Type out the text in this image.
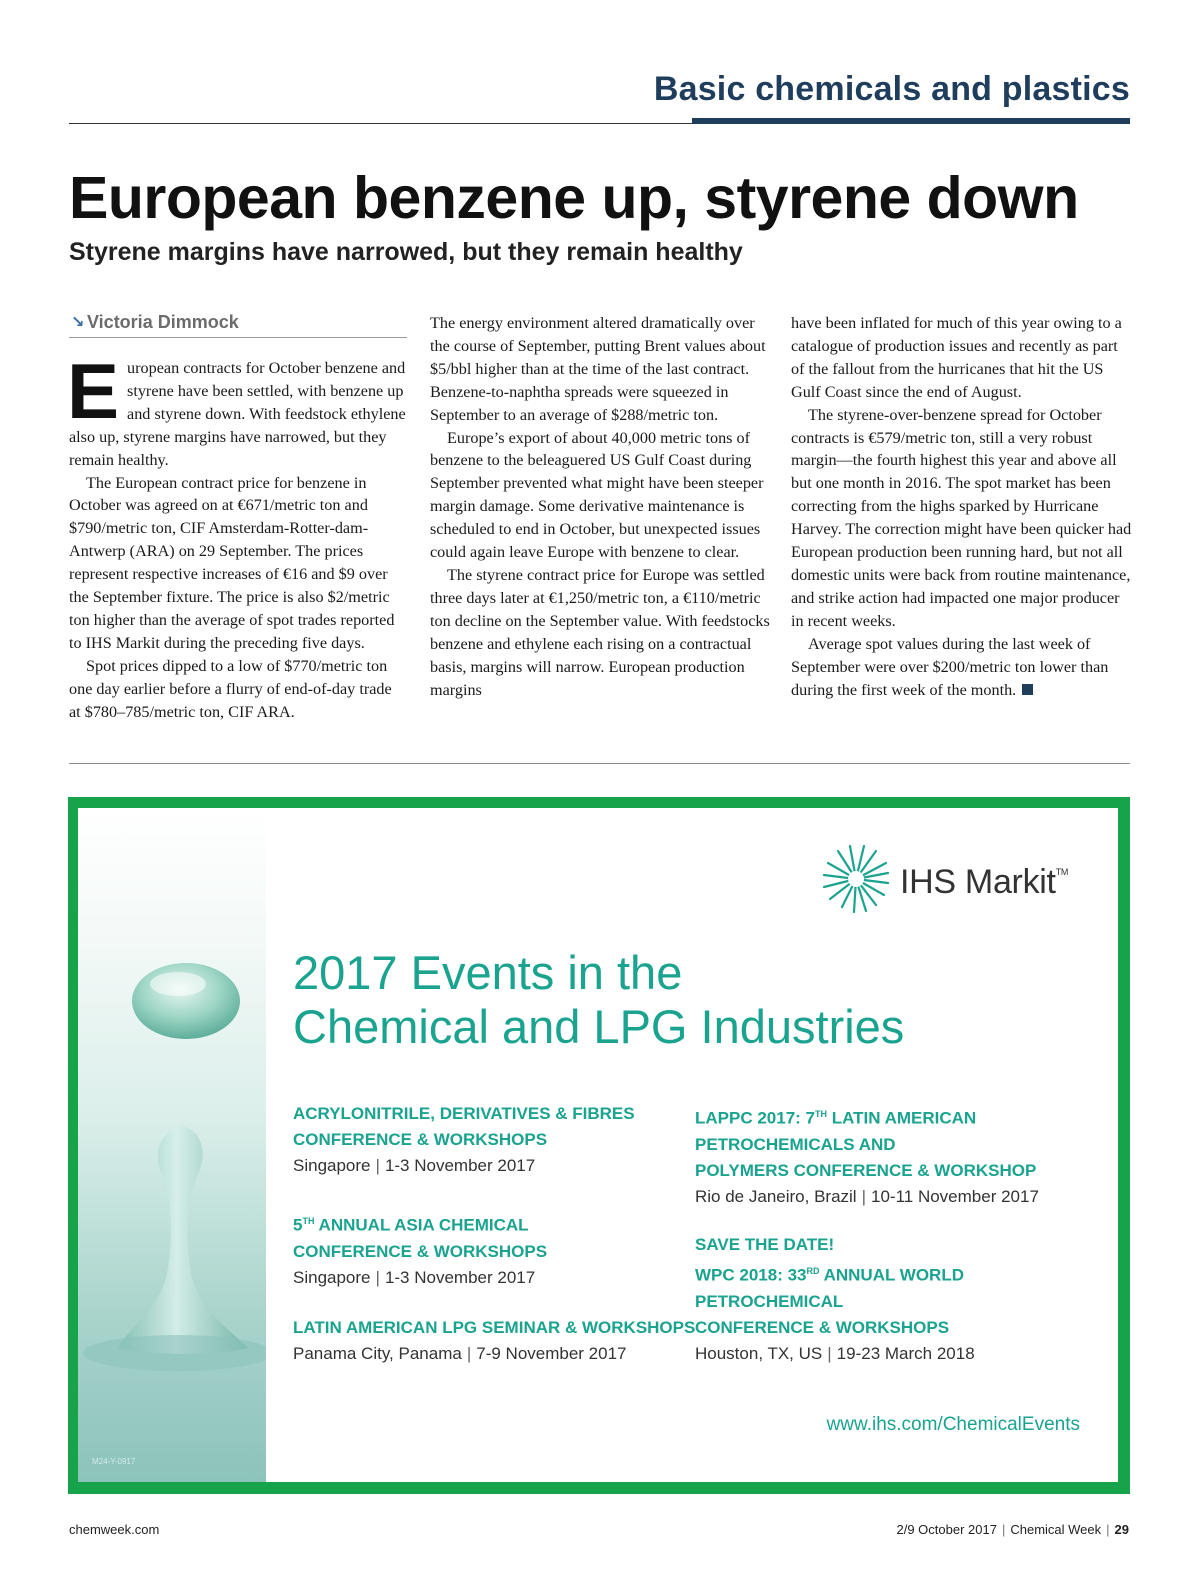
Basic chemicals and plastics
European benzene up, styrene down
Styrene margins have narrowed, but they remain healthy
↘ Victoria Dimmock

European contracts for October benzene and styrene have been settled, with benzene up and styrene down. With feedstock ethylene also up, styrene margins have narrowed, but they remain healthy.

The European contract price for benzene in October was agreed on at €671/metric ton and $790/metric ton, CIF Amsterdam-Rotter-dam-Antwerp (ARA) on 29 September. The prices represent respective increases of €16 and $9 over the September fixture. The price is also $2/metric ton higher than the average of spot trades reported to IHS Markit during the preceding five days.

Spot prices dipped to a low of $770/metric ton one day earlier before a flurry of end-of-day trade at $780–785/metric ton, CIF ARA.

The energy environment altered dramatically over the course of September, putting Brent values about $5/bbl higher than at the time of the last contract. Benzene-to-naphtha spreads were squeezed in September to an average of $288/metric ton.

Europe’s export of about 40,000 metric tons of benzene to the beleaguered US Gulf Coast during September prevented what might have been steeper margin damage. Some derivative maintenance is scheduled to end in October, but unexpected issues could again leave Europe with benzene to clear.

The styrene contract price for Europe was settled three days later at €1,250/metric ton, a €110/metric ton decline on the September value. With feedstocks benzene and ethylene each rising on a contractual basis, margins will narrow. European production margins

have been inflated for much of this year owing to a catalogue of production issues and recently as part of the fallout from the hurricanes that hit the US Gulf Coast since the end of August.

The styrene-over-benzene spread for October contracts is €579/metric ton, still a very robust margin—the fourth highest this year and above all but one month in 2016. The spot market has been correcting from the highs sparked by Hurricane Harvey. The correction might have been quicker had European production been running hard, but not all domestic units were back from routine maintenance, and strike action had impacted one major producer in recent weeks.

Average spot values during the last week of September were over $200/metric ton lower than during the first week of the month.

M24-Y-0917
IHS Markit™
2017 Events in the
Chemical and LPG Industries
ACRYLONITRILE, DERIVATIVES & FIBRES
CONFERENCE & WORKSHOPS
Singapore | 1-3 November 2017
5TH ANNUAL ASIA CHEMICAL
CONFERENCE & WORKSHOPS
Singapore | 1-3 November 2017
LATIN AMERICAN LPG SEMINAR & WORKSHOPS
Panama City, Panama | 7-9 November 2017
LAPPC 2017: 7TH LATIN AMERICAN
PETROCHEMICALS AND
POLYMERS CONFERENCE & WORKSHOP
Rio de Janeiro, Brazil | 10-11 November 2017
SAVE THE DATE!
WPC 2018: 33RD ANNUAL WORLD
PETROCHEMICAL
CONFERENCE & WORKSHOPS
Houston, TX, US | 19-23 March 2018
www.ihs.com/ChemicalEvents
chemweek.com	2/9 October 2017 | Chemical Week | 29
